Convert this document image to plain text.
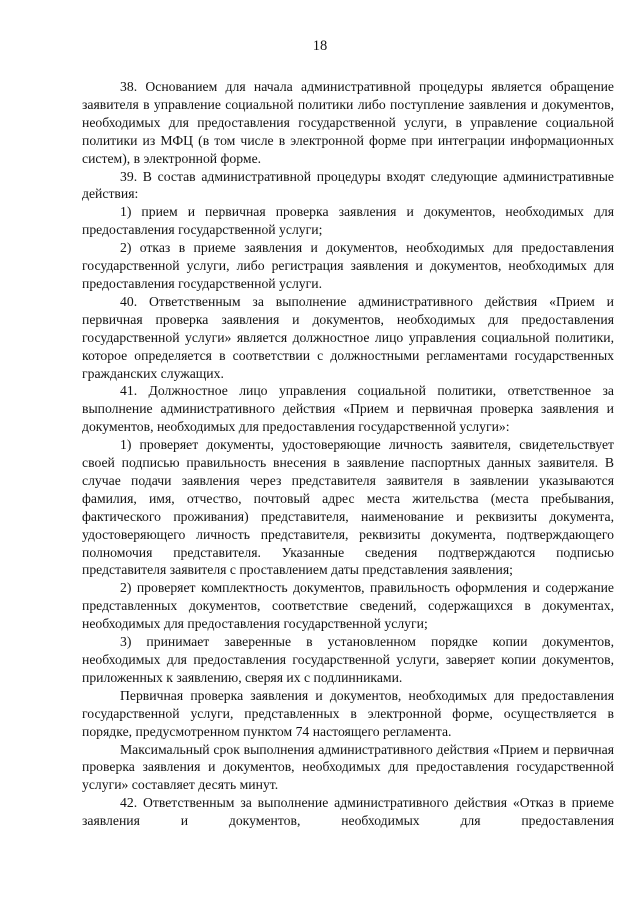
18

38. Основанием для начала административной процедуры является обращение заявителя в управление социальной политики либо поступление заявления и документов, необходимых для предоставления государственной услуги, в управление социальной политики из МФЦ (в том числе в электронной форме при интеграции информационных систем), в электронной форме.

39. В состав административной процедуры входят следующие административные действия:

1) прием и первичная проверка заявления и документов, необходимых для предоставления государственной услуги;

2) отказ в приеме заявления и документов, необходимых для предоставления государственной услуги, либо регистрация заявления и документов, необходимых для предоставления государственной услуги.

40. Ответственным за выполнение административного действия «Прием и первичная проверка заявления и документов, необходимых для предоставления государственной услуги» является должностное лицо управления социальной политики, которое определяется в соответствии с должностными регламентами государственных гражданских служащих.

41. Должностное лицо управления социальной политики, ответственное за выполнение административного действия «Прием и первичная проверка заявления и документов, необходимых для предоставления государственной услуги»:

1) проверяет документы, удостоверяющие личность заявителя, свидетельствует своей подписью правильность внесения в заявление паспортных данных заявителя. В случае подачи заявления через представителя заявителя в заявлении указываются фамилия, имя, отчество, почтовый адрес места жительства (места пребывания, фактического проживания) представителя, наименование и реквизиты документа, удостоверяющего личность представителя, реквизиты документа, подтверждающего полномочия представителя. Указанные сведения подтверждаются подписью представителя заявителя с проставлением даты представления заявления;

2) проверяет комплектность документов, правильность оформления и содержание представленных документов, соответствие сведений, содержащихся в документах, необходимых для предоставления государственной услуги;

3) принимает заверенные в установленном порядке копии документов, необходимых для предоставления государственной услуги, заверяет копии документов, приложенных к заявлению, сверяя их с подлинниками.

Первичная проверка заявления и документов, необходимых для предоставления государственной услуги, представленных в электронной форме, осуществляется в порядке, предусмотренном пунктом 74 настоящего регламента.

Максимальный срок выполнения административного действия «Прием и первичная проверка заявления и документов, необходимых для предоставления государственной услуги» составляет десять минут.

42. Ответственным за выполнение административного действия «Отказ в приеме заявления и документов, необходимых для предоставления
